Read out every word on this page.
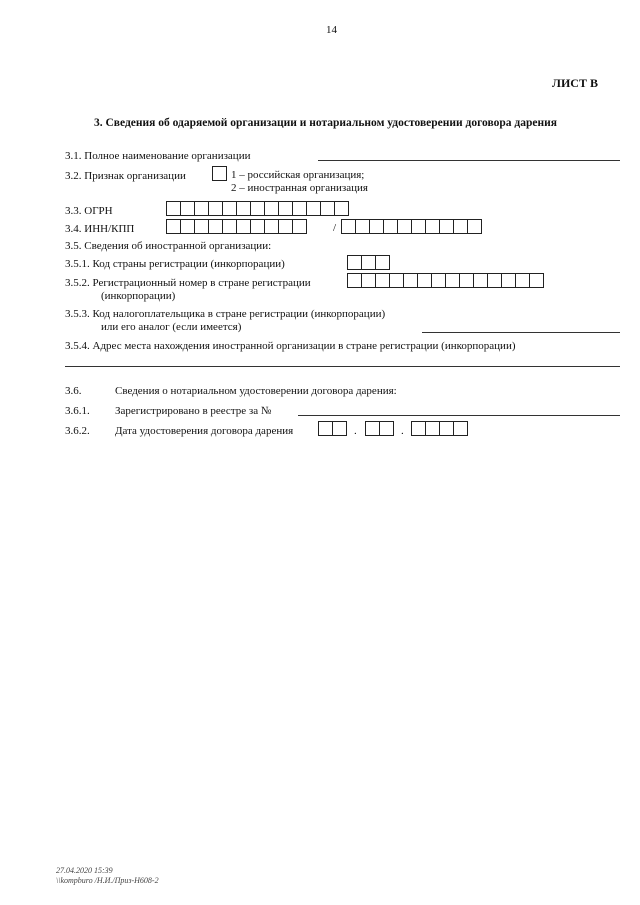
14
ЛИСТ В
3. Сведения об одаряемой организации и нотариальном удостоверении договора дарения
3.1. Полное наименование организации
3.2. Признак организации	1 – российская организация;
2 – иностранная организация
3.3. ОГРН
3.4. ИНН/КПП	/
3.5. Сведения об иностранной организации:
3.5.1. Код страны регистрации (инкорпорации)
3.5.2. Регистрационный номер в стране регистрации
(инкорпорации)
3.5.3. Код налогоплательщика в стране регистрации (инкорпорации)
или его аналог (если имеется)
3.5.4. Адрес места нахождения иностранной организации в стране регистрации (инкорпорации)
3.6.	Сведения о нотариальном удостоверении договора дарения:
3.6.1. Зарегистрировано в реестре за №
3.6.2. Дата удостоверения договора дарения	.	.
27.04.2020 15:39
\\kompburo /Н.И./Приз-Н608-2
